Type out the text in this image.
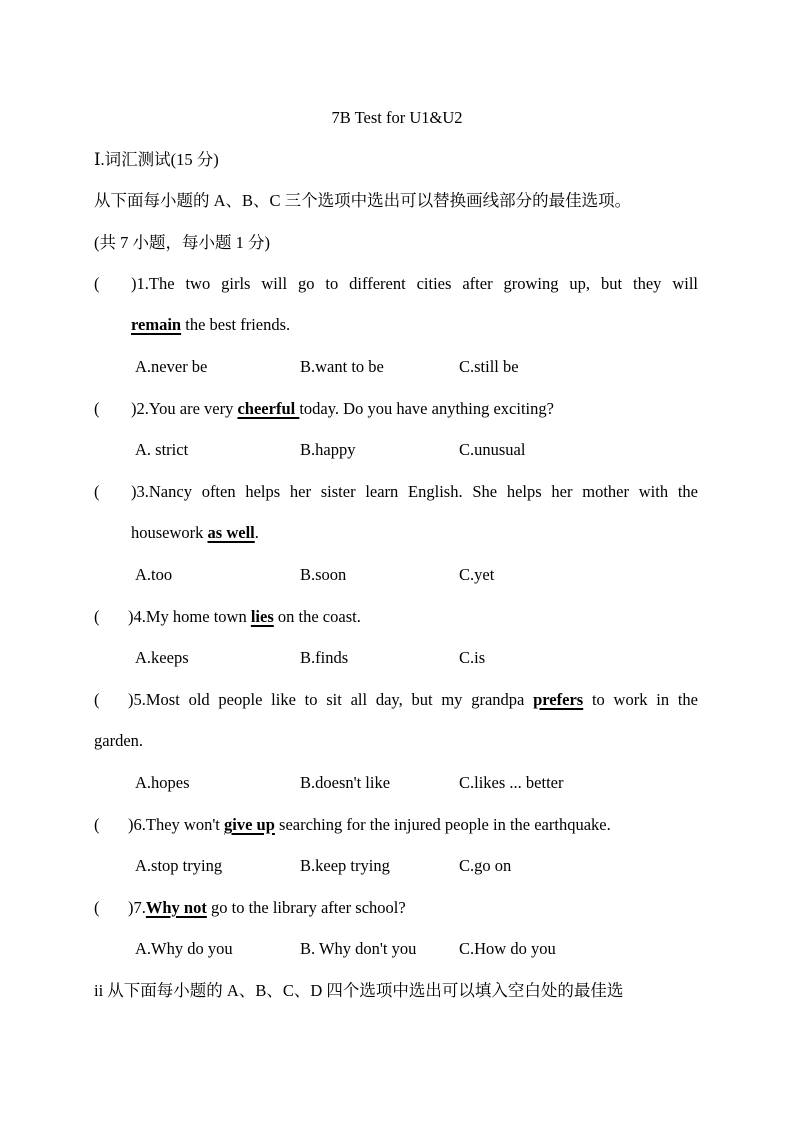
7B Test for U1&U2
Ⅰ.词汇测试(15 分)
从下面每小题的 A、B、C 三个选项中选出可以替换画线部分的最佳选项。
(共 7 小题，每小题 1 分)
( )1.The two girls will go to different cities after growing up, but they will
remain the best friends.
A.never be	B.want to be	C.still be
( )2.You are very cheerful today. Do you have anything exciting?
A. strict	B.happy	C.unusual
( )3.Nancy often helps her sister learn English. She helps her mother with the
housework as well.
A.too	B.soon	C.yet
( )4.My home town lies on the coast.
A.keeps	B.finds	C.is
( )5.Most old people like to sit all day, but my grandpa prefers to work in the
garden.
A.hopes	B.doesn't like	C.likes ... better
( )6.They won't give up searching for the injured people in the earthquake.
A.stop trying	B.keep trying	C.go on
( )7.Why not go to the library after school?
A.Why do you	B. Why don't you	C.How do you
ii 从下面每小题的 A、B、C、D 四个选项中选出可以填入空白处的最佳选
